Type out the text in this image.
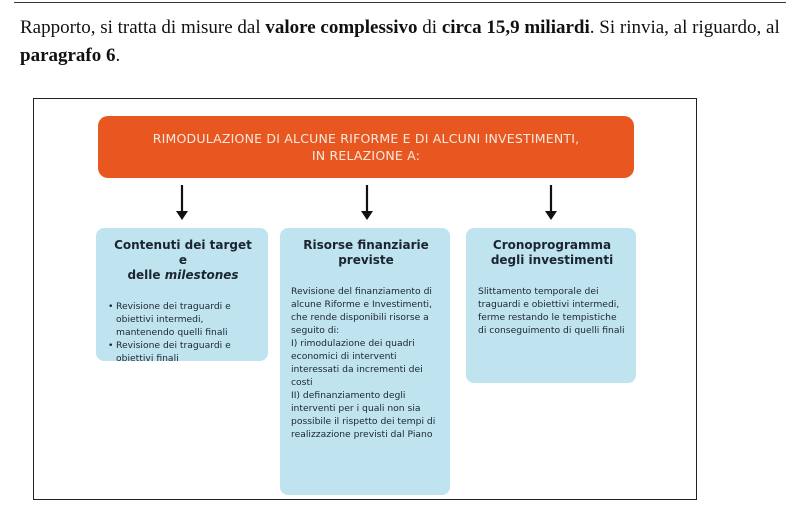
Rapporto, si tratta di misure dal valore complessivo di circa 15,9 miliardi. Si rinvia, al riguardo, al paragrafo 6.

RIMODULAZIONE DI ALCUNE RIFORME E DI ALCUNI INVESTIMENTI,
IN RELAZIONE A:
Contenuti dei target e
delle milestones
• Revisione dei traguardi e obiettivi intermedi, mantenendo quelli finali
• Revisione dei traguardi e obiettivi finali
Risorse finanziarie
previste
Revisione del finanziamento di alcune Riforme e Investimenti, che rende disponibili risorse a seguito di:
I) rimodulazione dei quadri economici di interventi interessati da incrementi dei costi
II) definanziamento degli interventi per i quali non sia possibile il rispetto dei tempi di realizzazione previsti dal Piano
Cronoprogramma
degli investimenti
Slittamento temporale dei traguardi e obiettivi intermedi, ferme restando le tempistiche di conseguimento di quelli finali
